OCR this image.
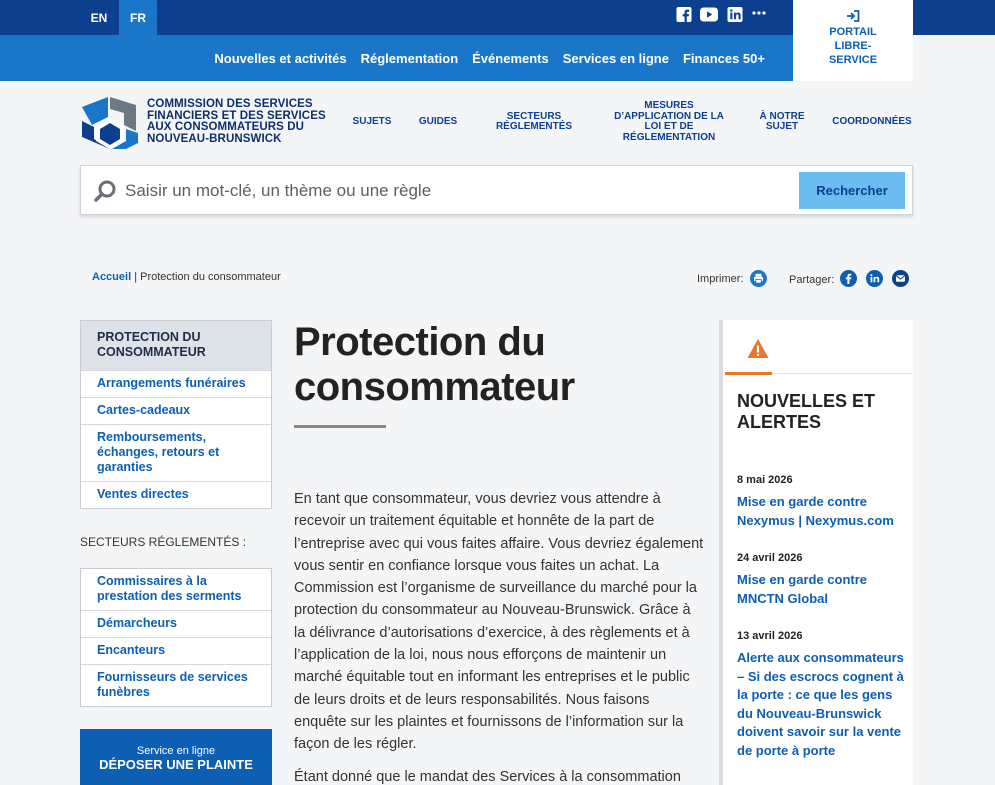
EN	FR
PORTAIL LIBRE-SERVICE
Nouvelles et activités Réglementation Événements Services en ligne Finances 50+
COMMISSION DES SERVICES FINANCIERS ET DES SERVICES AUX CONSOMMATEURS DU NOUVEAU-BRUNSWICK
SUJETS	GUIDES	SECTEURS RÉGLEMENTÉS
MESURES D’APPLICATION DE LA LOI ET DE RÉGLEMENTATION
À NOTRE SUJET	COORDONNÉES
Saisir un mot-clé, un thème ou une règle
Rechercher
Accueil | Protection du consommateur	Imprimer:	Partager:
PROTECTION DU CONSOMMATEUR
Arrangements funéraires
Cartes-cadeaux
Remboursements, échanges, retours et garanties
Ventes directes
SECTEURS RÉGLEMENTÉS :
Commissaires à la prestation des serments
Démarcheurs
Encanteurs
Fournisseurs de services funèbres
Service en ligne
DÉPOSER UNE PLAINTE
Protection du consommateur

En tant que consommateur, vous devriez vous attendre à recevoir un traitement équitable et honnête de la part de l’entreprise avec qui vous faites affaire. Vous devriez également vous sentir en confiance lorsque vous faites un achat. La Commission est l’organisme de surveillance du marché pour la protection du consommateur au Nouveau-Brunswick. Grâce à la délivrance d’autorisations d’exercice, à des règlements et à l’application de la loi, nous nous efforçons de maintenir un marché équitable tout en informant les entreprises et le public de leurs droits et de leurs responsabilités. Nous faisons enquête sur les plaintes et fournissons de l’information sur la façon de les régler.

Étant donné que le mandat des Services à la consommation

NOUVELLES ET ALERTES
8 mai 2026
Mise en garde contre Nexymus | Nexymus.com
24 avril 2026
Mise en garde contre MNCTN Global
13 avril 2026
Alerte aux consommateurs – Si des escrocs cognent à la porte : ce que les gens du Nouveau-Brunswick doivent savoir sur la vente de porte à porte
